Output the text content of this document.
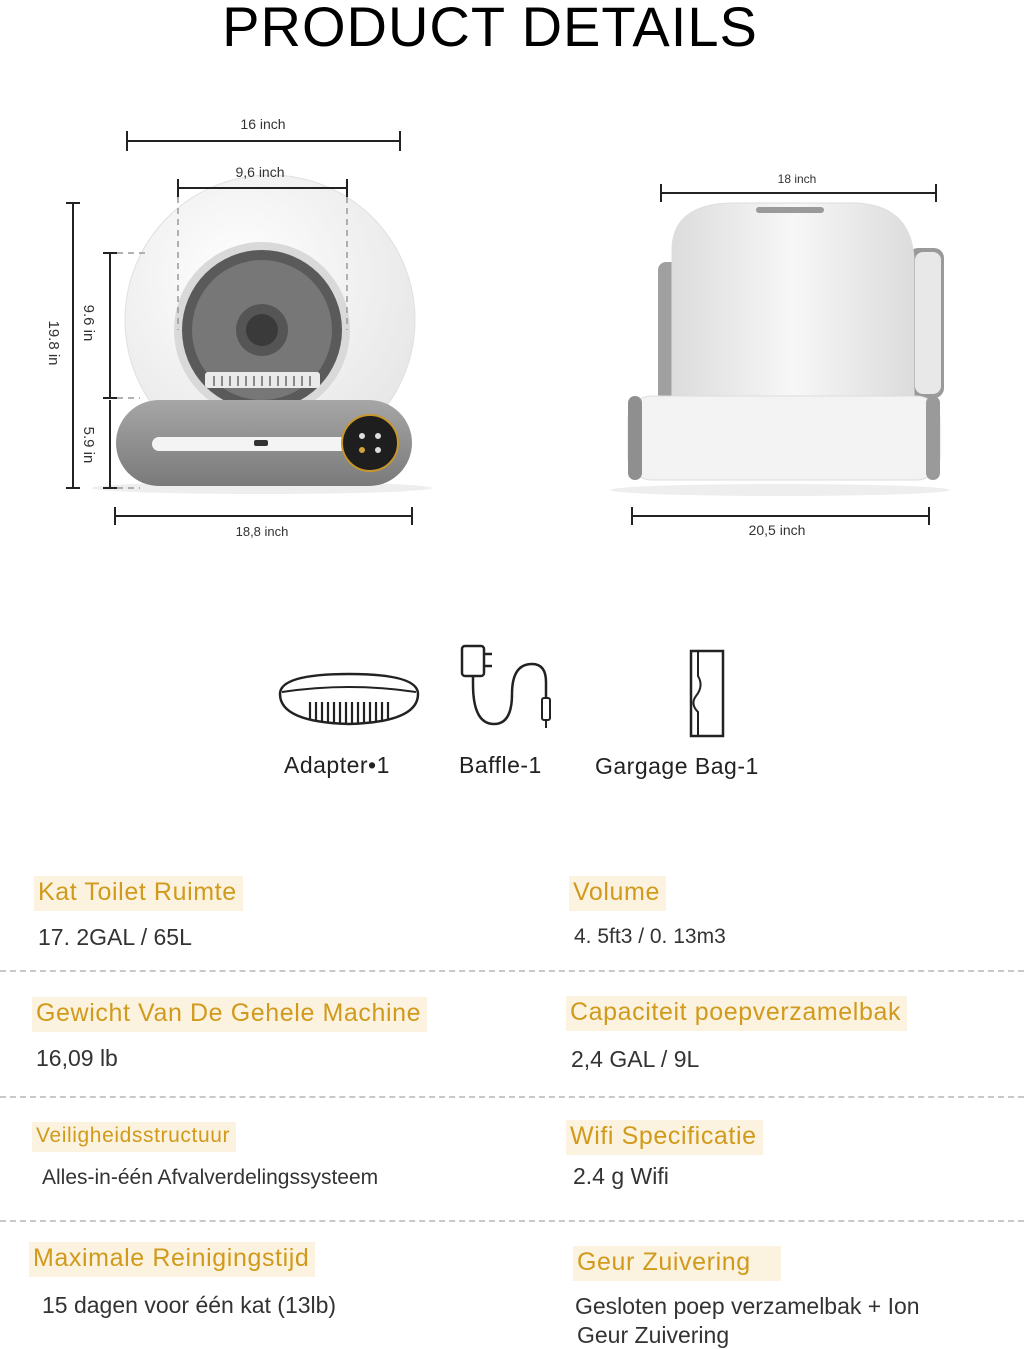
PRODUCT DETAILS
16 inch
9,6 inch
19.8 in 9.6 in
5.9 in
18,8 inch
18 inch
20,5 inch
Adapter•1	Baffle-1 Gargage Bag-1
Kat Toilet Ruimte
17. 2GAL / 65L
Volume
4. 5ft3 / 0. 13m3
Gewicht Van De Gehele Machine
16,09 lb
Capaciteit poepverzamelbak
2,4 GAL / 9L
Veiligheidsstructuur
Alles-in-één Afvalverdelingssysteem
Wifi Specificatie
2.4 g Wifi
Maximale Reinigingstijd
15 dagen voor één kat (13lb)
Geur Zuivering
Gesloten poep verzamelbak + Ion
Geur Zuivering
